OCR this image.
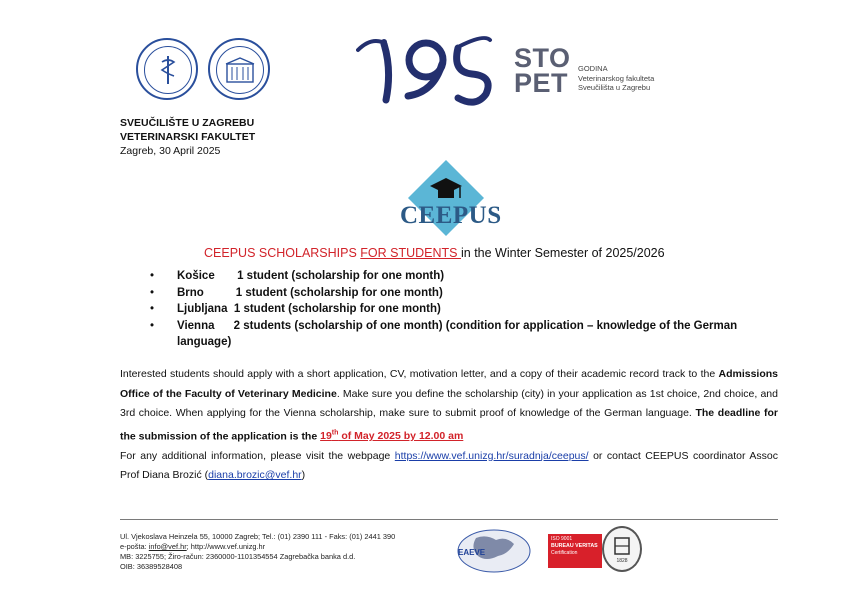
STO
PET GODINA
Veterinarskog fakulteta
Sveučilišta u Zagrebu
SVEUČILIŠTE U ZAGREBU
VETERINARSKI FAKULTET
Zagreb, 30 April 2025
CEEPUS
CEEPUS SCHOLARSHIPS FOR STUDENTS in the Winter Semester of 2025/2026
• Košice       1 student (scholarship for one month)
• Brno          1 student (scholarship for one month)
• Ljubljana  1 student (scholarship for one month)
• Vienna      2 students (scholarship of one month) (condition for application – knowledge of the German language)
Interested students should apply with a short application, CV, motivation letter, and a copy of their academic record track to the Admissions Office of the Faculty of Veterinary Medicine. Make sure you define the scholarship (city) in your application as 1st choice, 2nd choice, and 3rd choice. When applying for the Vienna scholarship, make sure to submit proof of knowledge of the German language. The deadline for the submission of the application is the 19th of May 2025 by 12.00 am
For any additional information, please visit the webpage https://www.vef.unizg.hr/suradnja/ceepus/ or contact CEEPUS coordinator Assoc Prof Diana Brozić (diana.brozic@vef.hr)
Ul. Vjekoslava Heinzela 55, 10000 Zagreb; Tel.: (01) 2390 111 - Faks: (01) 2441 390
e-pošta: info@vef.hr; http://www.vef.unizg.hr
MB: 3225755; Žiro-račun: 2360000-1101354554 Zagrebačka banka d.d.
OIB: 36389528408
EAEVE
ISO 9001
BUREAU VERITAS
Certification
1828
